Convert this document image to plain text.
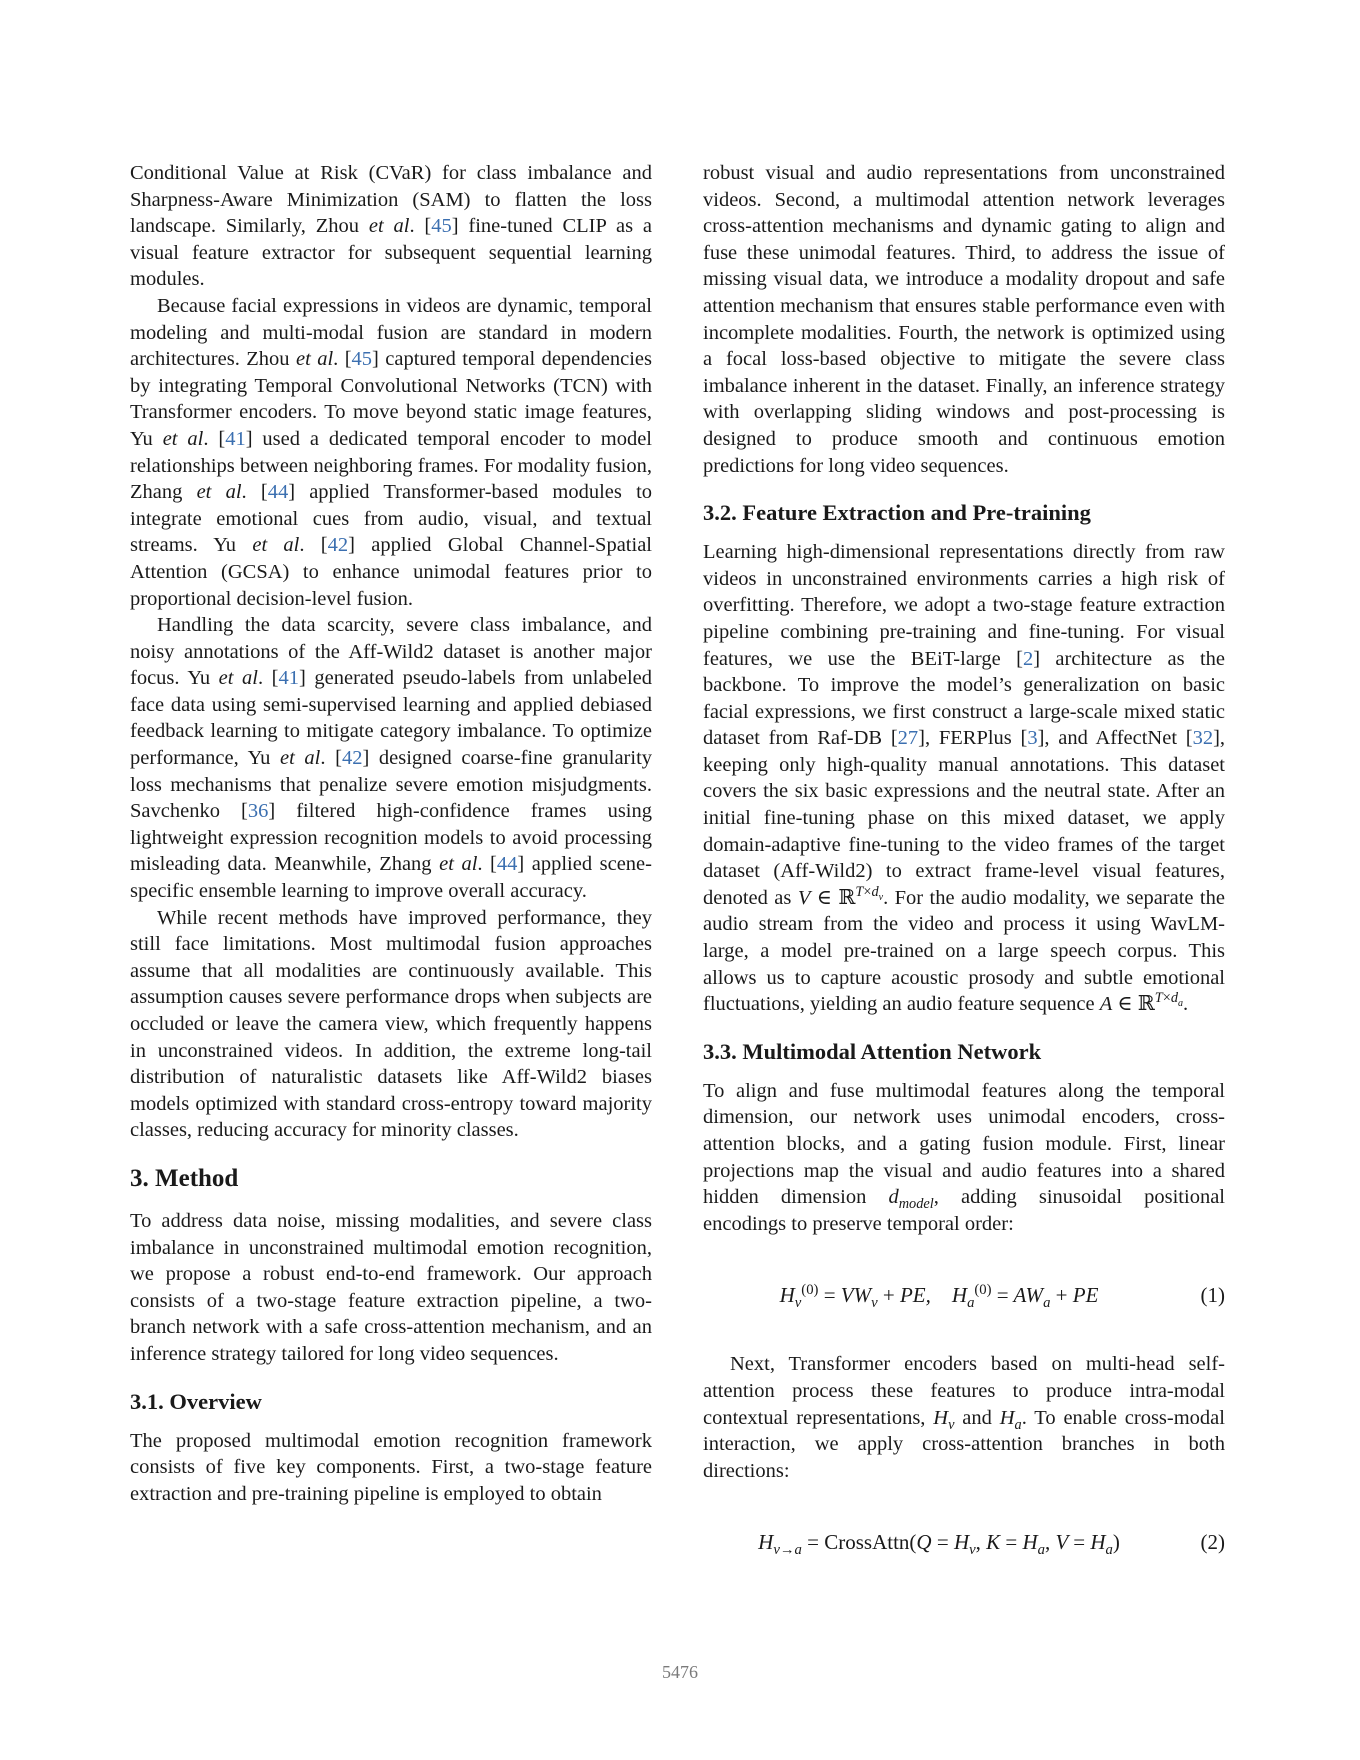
Conditional Value at Risk (CVaR) for class imbalance and Sharpness-Aware Minimization (SAM) to flatten the loss landscape. Similarly, Zhou et al. [45] fine-tuned CLIP as a visual feature extractor for subsequent sequential learning modules.

Because facial expressions in videos are dynamic, temporal modeling and multi-modal fusion are standard in modern architectures. Zhou et al. [45] captured temporal dependencies by integrating Temporal Convolutional Networks (TCN) with Transformer encoders. To move beyond static image features, Yu et al. [41] used a dedicated temporal encoder to model relationships between neighboring frames. For modality fusion, Zhang et al. [44] applied Transformer-based modules to integrate emotional cues from audio, visual, and textual streams. Yu et al. [42] applied Global Channel-Spatial Attention (GCSA) to enhance unimodal features prior to proportional decision-level fusion.

Handling the data scarcity, severe class imbalance, and noisy annotations of the Aff-Wild2 dataset is another major focus. Yu et al. [41] generated pseudo-labels from unlabeled face data using semi-supervised learning and applied debiased feedback learning to mitigate category imbalance. To optimize performance, Yu et al. [42] designed coarse-fine granularity loss mechanisms that penalize severe emotion misjudgments. Savchenko [36] filtered high-confidence frames using lightweight expression recognition models to avoid processing misleading data. Meanwhile, Zhang et al. [44] applied scene-specific ensemble learning to improve overall accuracy.

While recent methods have improved performance, they still face limitations. Most multimodal fusion approaches assume that all modalities are continuously available. This assumption causes severe performance drops when subjects are occluded or leave the camera view, which frequently happens in unconstrained videos. In addition, the extreme long-tail distribution of naturalistic datasets like Aff-Wild2 biases models optimized with standard cross-entropy toward majority classes, reducing accuracy for minority classes.

3. Method

To address data noise, missing modalities, and severe class imbalance in unconstrained multimodal emotion recognition, we propose a robust end-to-end framework. Our approach consists of a two-stage feature extraction pipeline, a two-branch network with a safe cross-attention mechanism, and an inference strategy tailored for long video sequences.

3.1. Overview

The proposed multimodal emotion recognition framework consists of five key components. First, a two-stage feature extraction and pre-training pipeline is employed to obtain

robust visual and audio representations from unconstrained videos. Second, a multimodal attention network leverages cross-attention mechanisms and dynamic gating to align and fuse these unimodal features. Third, to address the issue of missing visual data, we introduce a modality dropout and safe attention mechanism that ensures stable performance even with incomplete modalities. Fourth, the network is optimized using a focal loss-based objective to mitigate the severe class imbalance inherent in the dataset. Finally, an inference strategy with overlapping sliding windows and post-processing is designed to produce smooth and continuous emotion predictions for long video sequences.

3.2. Feature Extraction and Pre-training

Learning high-dimensional representations directly from raw videos in unconstrained environments carries a high risk of overfitting. Therefore, we adopt a two-stage feature extraction pipeline combining pre-training and fine-tuning. For visual features, we use the BEiT-large [2] architecture as the backbone. To improve the model’s generalization on basic facial expressions, we first construct a large-scale mixed static dataset from Raf-DB [27], FERPlus [3], and AffectNet [32], keeping only high-quality manual annotations. This dataset covers the six basic expressions and the neutral state. After an initial fine-tuning phase on this mixed dataset, we apply domain-adaptive fine-tuning to the video frames of the target dataset (Aff-Wild2) to extract frame-level visual features, denoted as V ∈ ℝ$^{T\times d_v}$. For the audio modality, we separate the audio stream from the video and process it using WavLM-large, a model pre-trained on a large speech corpus. This allows us to capture acoustic prosody and subtle emotional fluctuations, yielding an audio feature sequence A ∈ ℝ$^{T\times d_a}$.

3.3. Multimodal Attention Network

To align and fuse multimodal features along the temporal dimension, our network uses unimodal encoders, cross-attention blocks, and a gating fusion module. First, linear projections map the visual and audio features into a shared hidden dimension $d_{model}$, adding sinusoidal positional encodings to preserve temporal order:

$H_v^{(0)} = VW_v$ + PE,    $H_a^{(0)} = AW_a$ + PE	(1)

Next, Transformer encoders based on multi-head self-attention process these features to produce intra-modal contextual representations, $H_v$ and $H_a$. To enable cross-modal interaction, we apply cross-attention branches in both directions:

$H_{v\to a}$ = CrossAttn(Q = $H_v$, $K = H_a$, $V = H_a$)	(2)
5476
